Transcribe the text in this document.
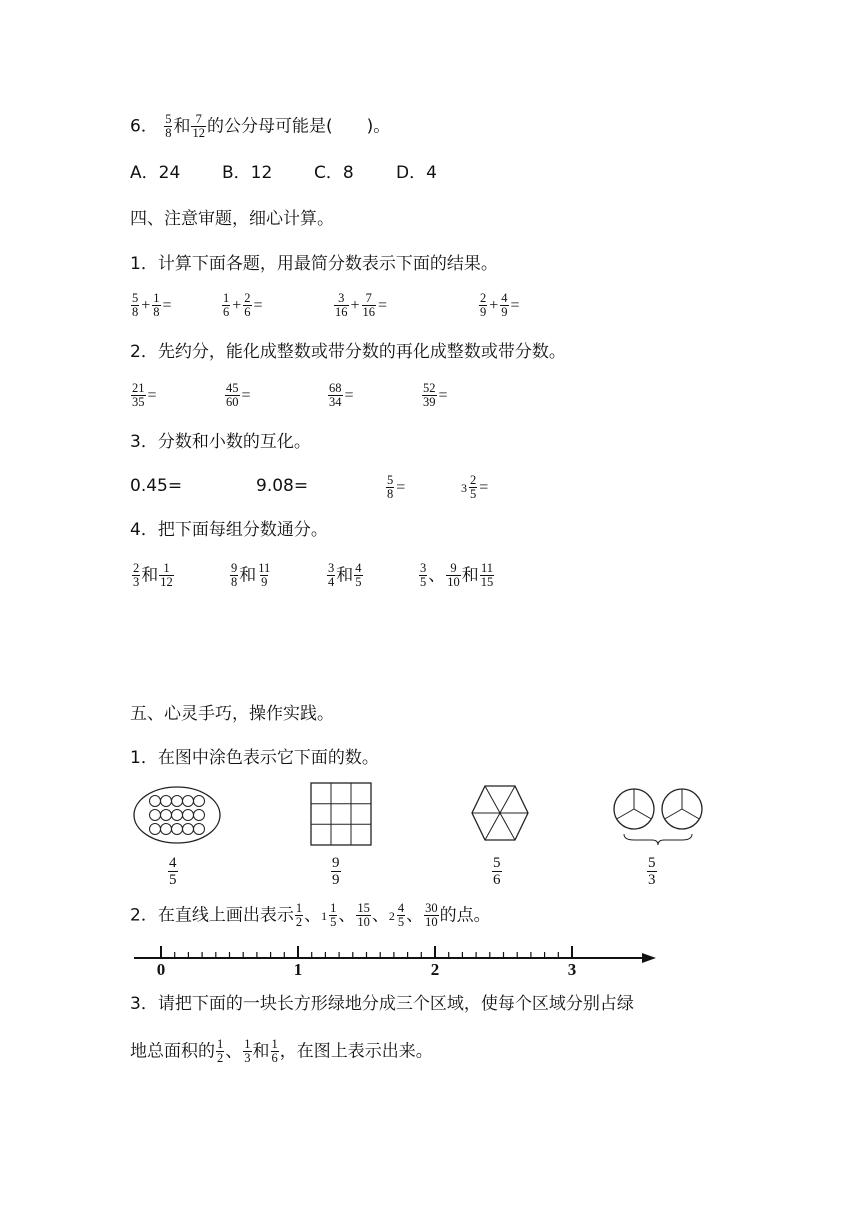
6． $\frac{5}{8}$ 和 $\frac{7}{12}$ 的公分母可能是( )。
A．24 B．12 C．8 D．4
四、注意审题，细心计算。
1．计算下面各题，用最简分数表示下面的结果。
$\frac{5}{8} + \frac{1}{8}$ =	$\frac{1}{6} + \frac{2}{6}$ =	$\frac{3}{16} + \frac{7}{16}$ =	$\frac{2}{9} + \frac{4}{9}$ =
2．先约分，能化成整数或带分数的再化成整数或带分数。
$\frac{21}{35}$ =	$\frac{45}{60}$ =	$\frac{68}{34}$ =	$\frac{52}{39}$ =
3．分数和小数的互化。
0.45=	9.08=	$\frac{5}{8}$ =	$3 \frac{2}{5}$ =
4．把下面每组分数通分。
$\frac{2}{3}$ 和 $\frac{1}{12}$	$\frac{9}{8}$ 和 $\frac{11}{9}$	$\frac{3}{4}$ 和 $\frac{4}{5}$	$\frac{3}{5}$ 、 $\frac{9}{10}$ 和 $\frac{11}{15}$
五、心灵手巧，操作实践。
1．在图中涂色表示它下面的数。
$\frac{4}{5}$	$\frac{9}{9}$	$\frac{5}{6}$	$\frac{5}{3}$
2．在直线上画出表示 $\frac{1}{2}$ 、$1 \frac{1}{5}$ 、 $\frac{15}{10}$ 、$2 \frac{4}{5}$ 、 $\frac{30}{10}$ 的点。
0	1	2	3
3．请把下面的一块长方形绿地分成三个区域，使每个区域分别占绿
地总面积的 $\frac{1}{2}$ 、 $\frac{1}{3}$ 和 $\frac{1}{6}$ ，在图上表示出来。
